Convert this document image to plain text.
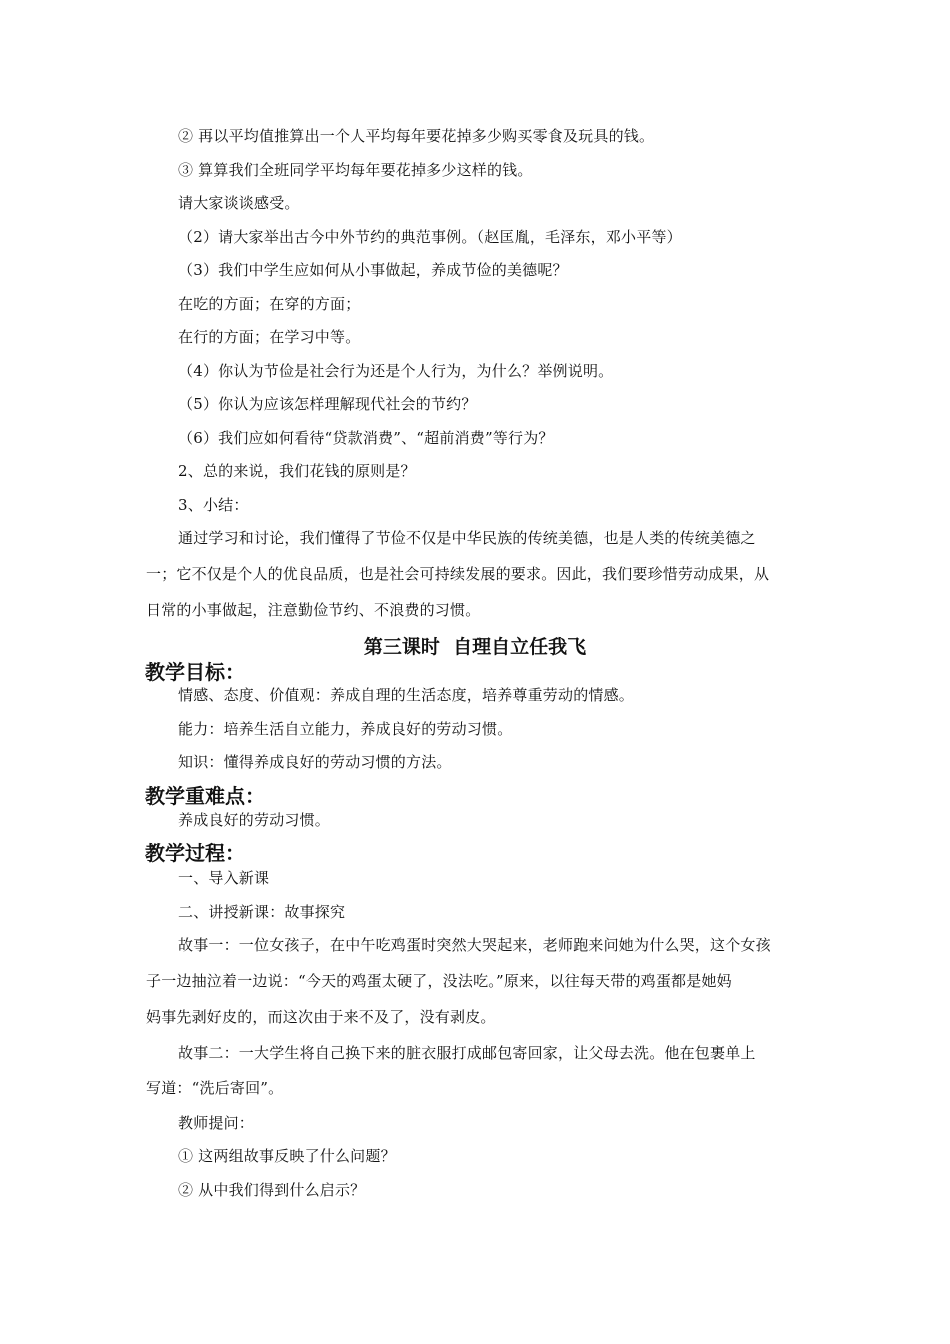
② 再以平均值推算出一个人平均每年要花掉多少购买零食及玩具的钱。
③ 算算我们全班同学平均每年要花掉多少这样的钱。
请大家谈谈感受。
（2）请大家举出古今中外节约的典范事例。（赵匡胤，毛泽东，邓小平等）
（3）我们中学生应如何从小事做起，养成节俭的美德呢？
在吃的方面；在穿的方面；
在行的方面；在学习中等。
（4）你认为节俭是社会行为还是个人行为，为什么？举例说明。
（5）你认为应该怎样理解现代社会的节约？
（6）我们应如何看待“贷款消费”、“超前消费”等行为？
2、总的来说，我们花钱的原则是？
3、小结：
通过学习和讨论，我们懂得了节俭不仅是中华民族的传统美德，也是人类的传统美德之
一；它不仅是个人的优良品质，也是社会可持续发展的要求。因此，我们要珍惜劳动成果，从
日常的小事做起，注意勤俭节约、不浪费的习惯。
第三课时  自理自立任我飞
教学目标：
情感、态度、价值观：养成自理的生活态度，培养尊重劳动的情感。
能力：培养生活自立能力，养成良好的劳动习惯。
知识：懂得养成良好的劳动习惯的方法。
教学重难点：
养成良好的劳动习惯。
教学过程：
一、导入新课
二、讲授新课：故事探究
故事一：一位女孩子，在中午吃鸡蛋时突然大哭起来，老师跑来问她为什么哭，这个女孩
子一边抽泣着一边说：“今天的鸡蛋太硬了，没法吃。”原来，以往每天带的鸡蛋都是她妈
妈事先剥好皮的，而这次由于来不及了，没有剥皮。
故事二：一大学生将自己换下来的脏衣服打成邮包寄回家，让父母去洗。他在包裹单上
写道：“洗后寄回”。
教师提问：
① 这两组故事反映了什么问题？
② 从中我们得到什么启示？
